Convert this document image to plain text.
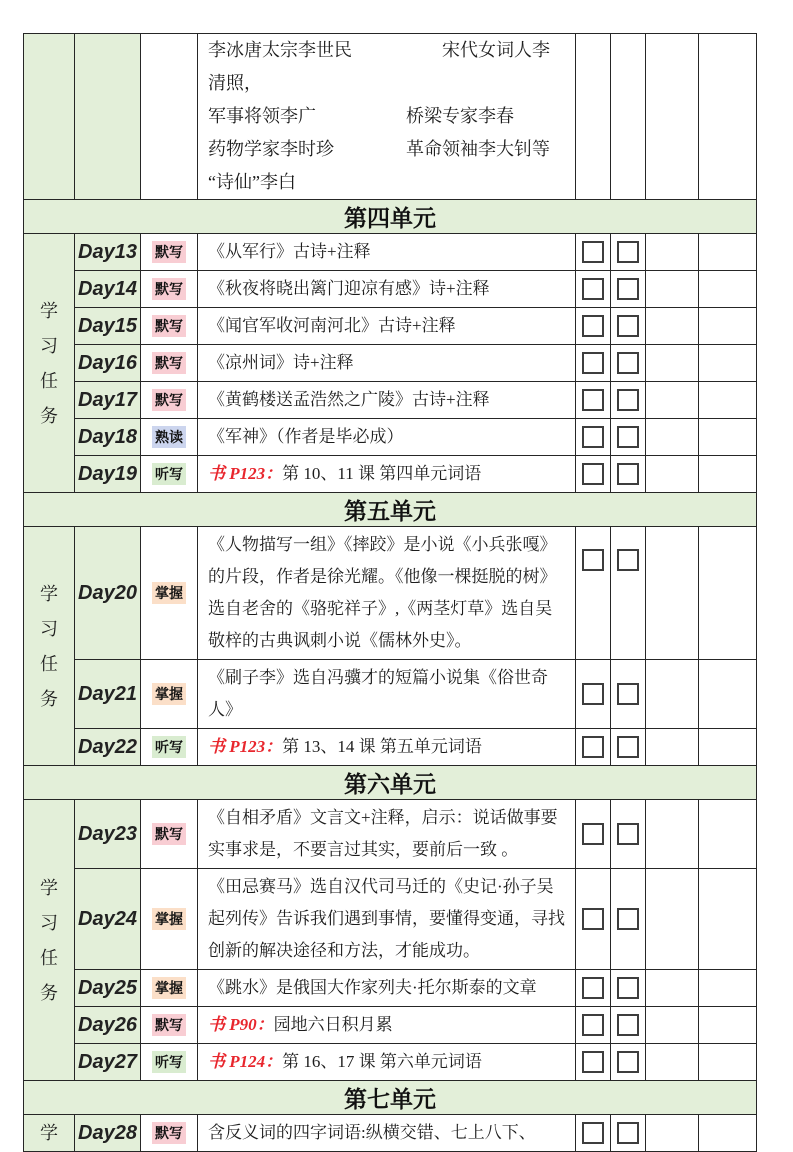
			李冰唐太宗李世民　　　　　宋代女词人李
清照，
军事将领李广　　　　　桥梁专家李春
药物学家李时珍　　　　革命领袖李大钊等
“诗仙”李白				

第四单元							

学
习
任
务	Day13	默写	《从军行》古诗+注释				
	Day14	默写	《秋夜将晓出篱门迎凉有感》诗+注释				
	Day15	默写	《闻官军收河南河北》古诗+注释				
	Day16	默写	《凉州词》诗+注释				
	Day17	默写	《黄鹤楼送孟浩然之广陵》古诗+注释				
	Day18	熟读	《军神》（作者是毕必成）				
	Day19	听写	书 P123：第 10、11 课 第四单元词语				
第五单元							

学
习
任
务	Day20	掌握	《人物描写一组》《摔跤》是小说《小兵张嘎》的片段，作者是徐光耀。《他像一棵挺脱的树》选自老舍的《骆驼祥子》,《两茎灯草》选自吴敬梓的古典讽刺小说《儒林外史》。				
	Day21	掌握	《刷子李》选自冯骥才的短篇小说集《俗世奇人》				
	Day22	听写	书 P123：第 13、14 课 第五单元词语				
第六单元							

学
习
任
务	Day23	默写	《自相矛盾》文言文+注释，启示：说话做事要实事求是，不要言过其实，要前后一致 。				
	Day24	掌握	《田忌赛马》选自汉代司马迁的《史记·孙子吴起列传》告诉我们遇到事情，要懂得变通，寻找创新的解决途径和方法，才能成功。				
	Day25	掌握	《跳水》是俄国大作家列夫·托尔斯泰的文章				
	Day26	默写	书 P90：园地六日积月累				
	Day27	听写	书 P124：第 16、17 课 第六单元词语				
第七单元							

学	Day28	默写	含反义词的四字词语:纵横交错、七上八下、				
